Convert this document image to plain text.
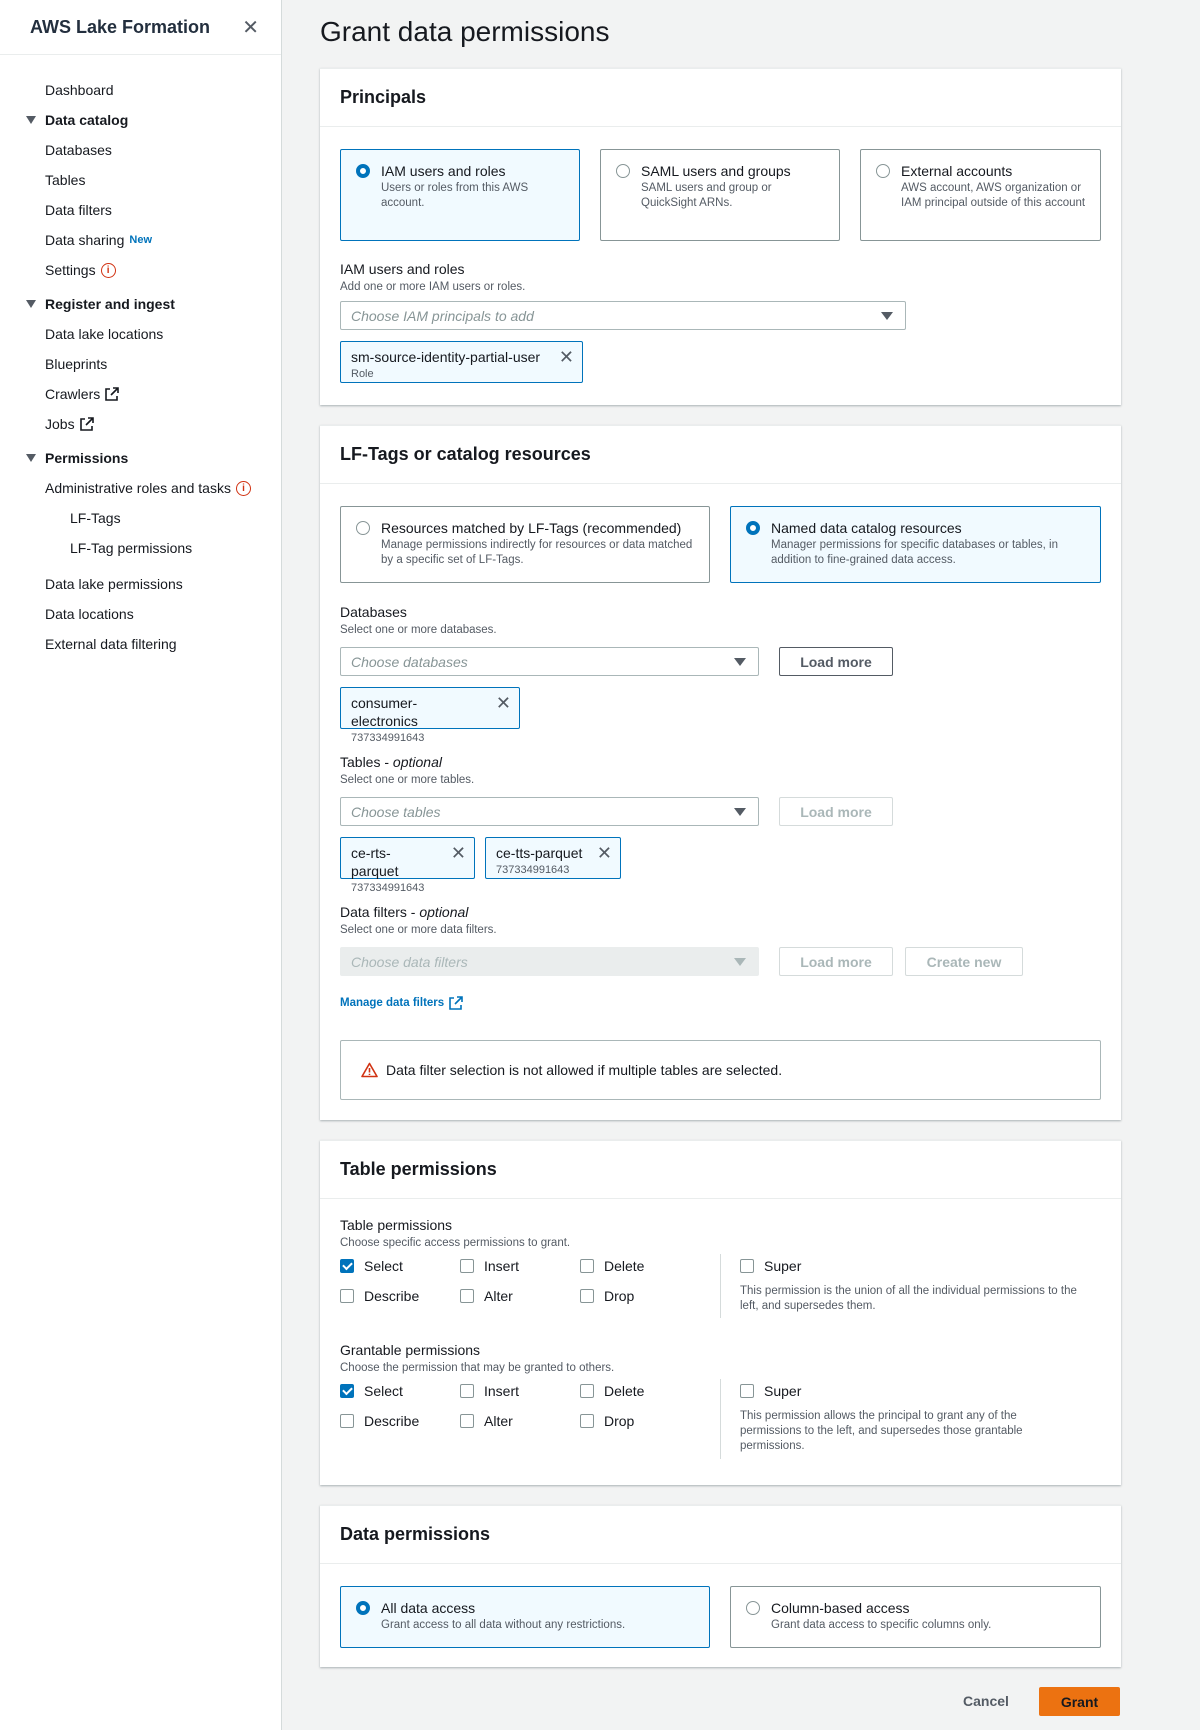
AWS Lake Formation ✕
Dashboard
Data catalog
Databases
Tables
Data filters
Data sharing New
Settings	i
Register and ingest
Data lake locations
Blueprints
Crawlers
Jobs
Permissions
Administrative roles and tasks	i
LF-Tags
LF-Tag permissions
Data lake permissions
Data locations
External data filtering
Grant data permissions
Principals
IAM users and roles
Users or roles from this AWS account.
SAML users and groups
SAML users and group or QuickSight ARNs.
External accounts
AWS account, AWS organization or IAM principal outside of this account
IAM users and roles
Add one or more IAM users or roles.
Choose IAM principals to add
sm-source-identity-partial-user
Role
✕
LF-Tags or catalog resources
Resources matched by LF-Tags (recommended)
Manage permissions indirectly for resources or data matched by a specific set of LF-Tags.
Named data catalog resources
Manager permissions for specific databases or tables, in addition to fine-grained data access.
Databases
Select one or more databases.
Choose databases	Load more
consumer-electronics
737334991643
✕
Tables - optional
Select one or more tables.
Choose tables	Load more
ce-rts-parquet
737334991643
✕ ce-tts-parquet
737334991643
✕
Data filters - optional
Select one or more data filters.
Choose data filters	Load more	Create new
Manage data filters
Data filter selection is not allowed if multiple tables are selected.
Table permissions
Table permissions
Choose specific access permissions to grant.
Select	Insert	Delete
Describe	Alter	Drop
Super
This permission is the union of all the individual permissions to the left, and supersedes them.
Grantable permissions
Choose the permission that may be granted to others.
Select	Insert	Delete
Describe	Alter	Drop
Super
This permission allows the principal to grant any of the permissions to the left, and supersedes those grantable permissions.
Data permissions
All data access
Grant access to all data without any restrictions.
Column-based access
Grant data access to specific columns only.
Cancel	Grant
